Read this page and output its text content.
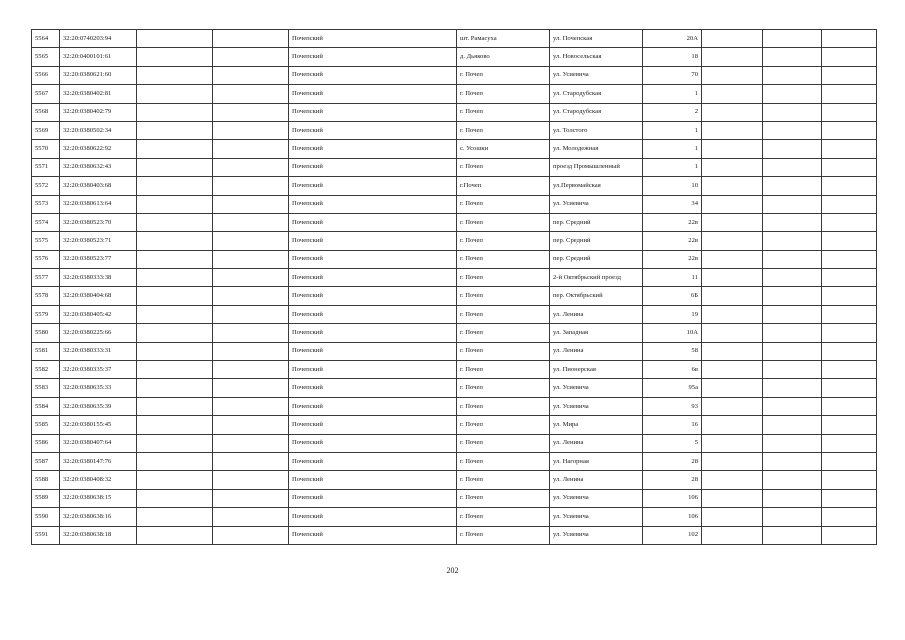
5564	32:20:0740203:94			Почепский	шт. Рамасуха	ул. Почепская	20А			
5565	32:20:0400101:61			Почепский	д. Дьяково	ул. Новосельская	18			
5566	32:20:0380621:60			Почепский	г. Почеп	ул. Усиевича	70			
5567	32:20:0380402:81			Почепский	г. Почеп	ул. Стародубская	1			
5568	32:20:0380402:79			Почепский	г. Почеп	ул. Стародубская	2			
5569	32:20:0380502:34			Почепский	г. Почеп	ул. Толстого	1			
5570	32:20:0380622:92			Почепский	с. Усошки	ул. Молодежная	1			
5571	32:20:0380632:43			Почепский	г. Почеп	проезд Промышленный	1			
5572	32:20:0380403:68			Почепский	г.Почеп	ул.Первомайская	10			
5573	32:20:0380613:64			Почепский	г. Почеп	ул. Усиевича	34			
5574	32:20:0380523:70			Почепский	г. Почеп	пер. Средний	22в			
5575	32:20:0380523:71			Почепский	г. Почеп	пер. Средний	22в			
5576	32:20:0380523:77			Почепский	г. Почеп	пер. Средний	22в			
5577	32:20:0380333:38			Почепский	г. Почеп	2-й Октябрьский проезд	11			
5578	32:20:0380404:68			Почепский	г. Почеп	пер. Октябрьский	6Б			
5579	32:20:0380405:42			Почепский	г. Почеп	ул. Ленина	19			
5580	32:20:0380225:66			Почепский	г. Почеп	ул. Западная	10А			
5581	32:20:0380333:31			Почепский	г. Почеп	ул. Ленина	58			
5582	32:20:0380335:37			Почепский	г. Почеп	ул. Пионерская	6в			
5583	32:20:0380635:33			Почепский	г. Почеп	ул. Усиевича	95а			
5584	32:20:0380635:39			Почепский	г. Почеп	ул. Усиевича	93			
5585	32:20:0380155:45			Почепский	г. Почеп	ул. Мира	16			
5586	32:20:0380407:64			Почепский	г. Почеп	ул. Ленина	5			
5587	32:20:0380147:76			Почепский	г. Почеп	ул. Нагорная	28			
5588	32:20:0380408:32			Почепский	г. Почеп	ул. Ленина	28			
5589	32:20:0380638:15			Почепский	г. Почеп	ул. Усиевича	106			
5590	32:20:0380638:16			Почепский	г. Почеп	ул. Усиевича	106			
5591	32:20:0380638:18			Почепский	г. Почеп	ул. Усиевича	102			
202
